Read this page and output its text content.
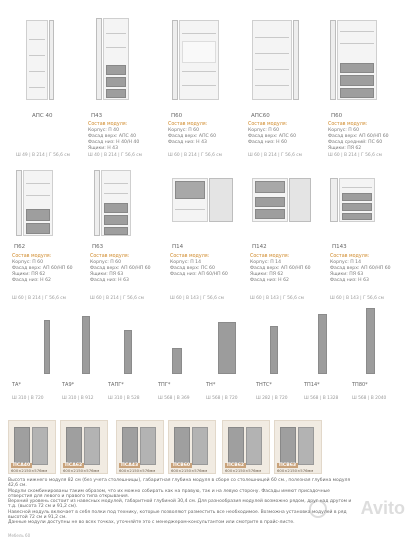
АПС 40
Ш 49 | В 214 | Г 56,6 см
П43
Состав модуля:
Корпус: П 40
Фасад верх: АПС 40
Фасад низ: Н 40/Н 40
Ящики: Н 43
Ш 40 | В 214 | Г 56,6 см
П60
Состав модуля:
Корпус: П 60
Фасад верх: АПС 60
Фасад низ: Н 43
Ш 60 | В 214 | Г 56,6 см
АПС60
Состав модуля:
Корпус: П 60
Фасад верх: АПС 60
Фасад низ: Н 60
Ш 60 | В 214 | Г 56,6 см
П60
Состав модуля:
Корпус: П 60
Фасад верх: АП 60/НП 60
Фасад средний: ПС 60
Ящики: ПЯ 62
Ш 60 | В 214 | Г 56,6 см
П62
Состав модуля:
Корпус: П 60
Фасад верх: АП 60/НП 60
Ящики: ПЯ 62
Фасад низ: Н 62
Ш 60 | В 214 | Г 56,6 см
П63
Состав модуля:
Корпус: П 60
Фасад верх: АП 60/НП 60
Ящики: ПЯ 63
Фасад низ: Н 63
Ш 60 | В 214 | Г 56,6 см
П14
Состав модуля:
Корпус: П 14
Фасад верх: ПС 60
Фасад низ: АП 60/НП 60
Ш 60 | В 143 | Г 56,6 см
П142
Состав модуля:
Корпус: П 14
Фасад верх: АП 60/НП 60
Ящики: ПЯ 62
Фасад низ: Н 62
Ш 60 | В 143 | Г 56,6 см
П143
Состав модуля:
Корпус: П 14
Фасад верх: АП 60/НП 60
Ящики: ПЯ 63
Фасад низ: Н 63
Ш 60 | В 143 | Г 56,6 см
ТА*
Ш 310 | В 720
ТА9*
Ш 310 | В 912
ТАПГ*
Ш 310 | В 528
ТПГ*
Ш 568 | В 369
ТН*
Ш 568 | В 720
ТНТС*
Ш 282 | В 720
ТП14*
Ш 568 | В 1328
ТП80*
Ш 568 | В 2040
ПСА40
600×2150×576мм
ПСА62
600×2150×576мм
ПСА43
600×2150×576мм
ПСВ60
600×2150×576мм
ПСВ62
600×2150×576мм
ПСВ63
600×2150×576мм

Высота нижнего модуля 82 см (без учета столешницы), габаритная глубина модуля в сборе со столешницей 60 см., полезная глубина модуля 42,6 см.

Модули скомбинированы таким образом, что их можно собирать как на правую, так и на левую сторону. Фасады имеют присадочные отверстия для левого и правого типа открывания.

Верхний уровень состоит из навесных модулей, габаритной глубиной 30,4 см. Для разнообразия модулей возможно рядом, друг над другом и т.д. (высота 72 см и 91,2 см).

Навесной модуль включает в себя полки под технику, которые позволяют разместить все необходимое. Возможна установка модулей в ряд высотой 72 см и 91,2 см.

Данные модули доступны не во всех точках, уточняйте это с менеджером-консультантом или смотрите в прайс-листе.

Avito
Мебель 60
